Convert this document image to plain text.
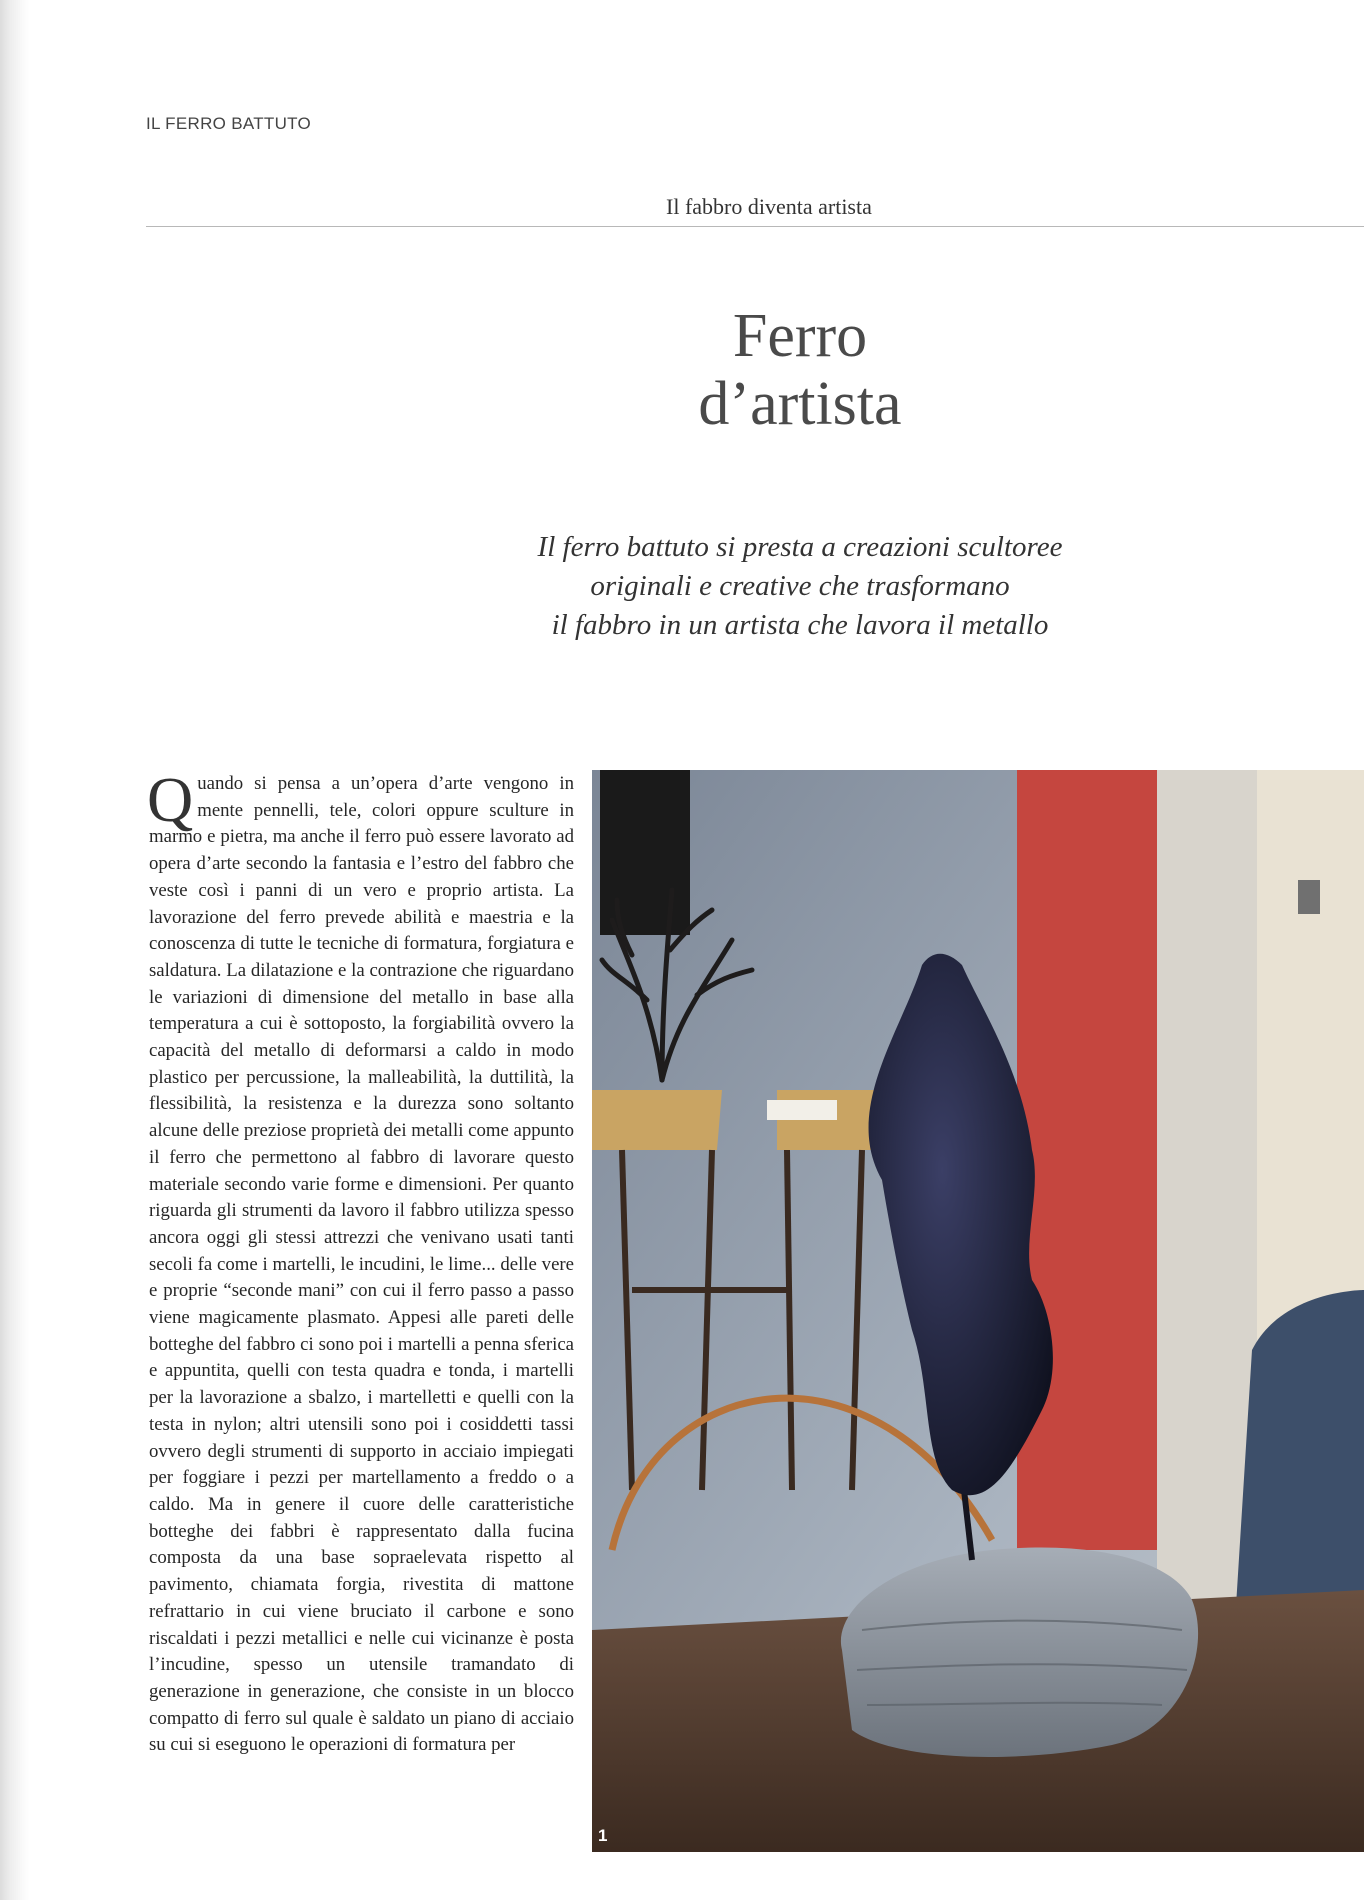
IL FERRO BATTUTO
Il fabbro diventa artista
Ferro
d’artista
Il ferro battuto si presta a creazioni scultoree
originali e creative che trasformano
il fabbro in un artista che lavora il metallo
Quando si pensa a un’opera d’arte vengono in mente pennelli, tele, colori oppure sculture in marmo e pietra, ma anche il ferro può essere lavorato ad opera d’arte secondo la fantasia e l’estro del fabbro che veste così i panni di un vero e proprio artista. La lavorazione del ferro prevede abilità e maestria e la conoscenza di tutte le tecniche di formatura, forgiatura e saldatura. La dilatazione e la contrazione che riguardano le variazioni di dimensione del metallo in base alla temperatura a cui è sottoposto, la forgiabilità ovvero la capacità del metallo di deformarsi a caldo in modo plastico per percussione, la malleabilità, la duttilità, la flessibilità, la resistenza e la durezza sono soltanto alcune delle preziose proprietà dei metalli come appunto il ferro che permettono al fabbro di lavorare questo materiale secondo varie forme e dimensioni. Per quanto riguarda gli strumenti da lavoro il fabbro utilizza spesso ancora oggi gli stessi attrezzi che venivano usati tanti secoli fa come i martelli, le incudini, le lime... delle vere e proprie “seconde mani” con cui il ferro passo a passo viene magicamente plasmato. Appesi alle pareti delle botteghe del fabbro ci sono poi i martelli a penna sferica e appuntita, quelli con testa quadra e tonda, i martelli per la lavorazione a sbalzo, i martelletti e quelli con la testa in nylon; altri utensili sono poi i cosiddetti tassi ovvero degli strumenti di supporto in acciaio impiegati per foggiare i pezzi per martellamento a freddo o a caldo. Ma in genere il cuore delle caratteristiche botteghe dei fabbri è rappresentato dalla fucina composta da una base sopraelevata rispetto al pavimento, chiamata forgia, rivestita di mattone refrattario in cui viene bruciato il carbone e sono riscaldati i pezzi metallici e nelle cui vicinanze è posta l’incudine, spesso un utensile tramandato di generazione in generazione, che consiste in un blocco compatto di ferro sul quale è saldato un piano di acciaio su cui si eseguono le operazioni di formatura per
1
